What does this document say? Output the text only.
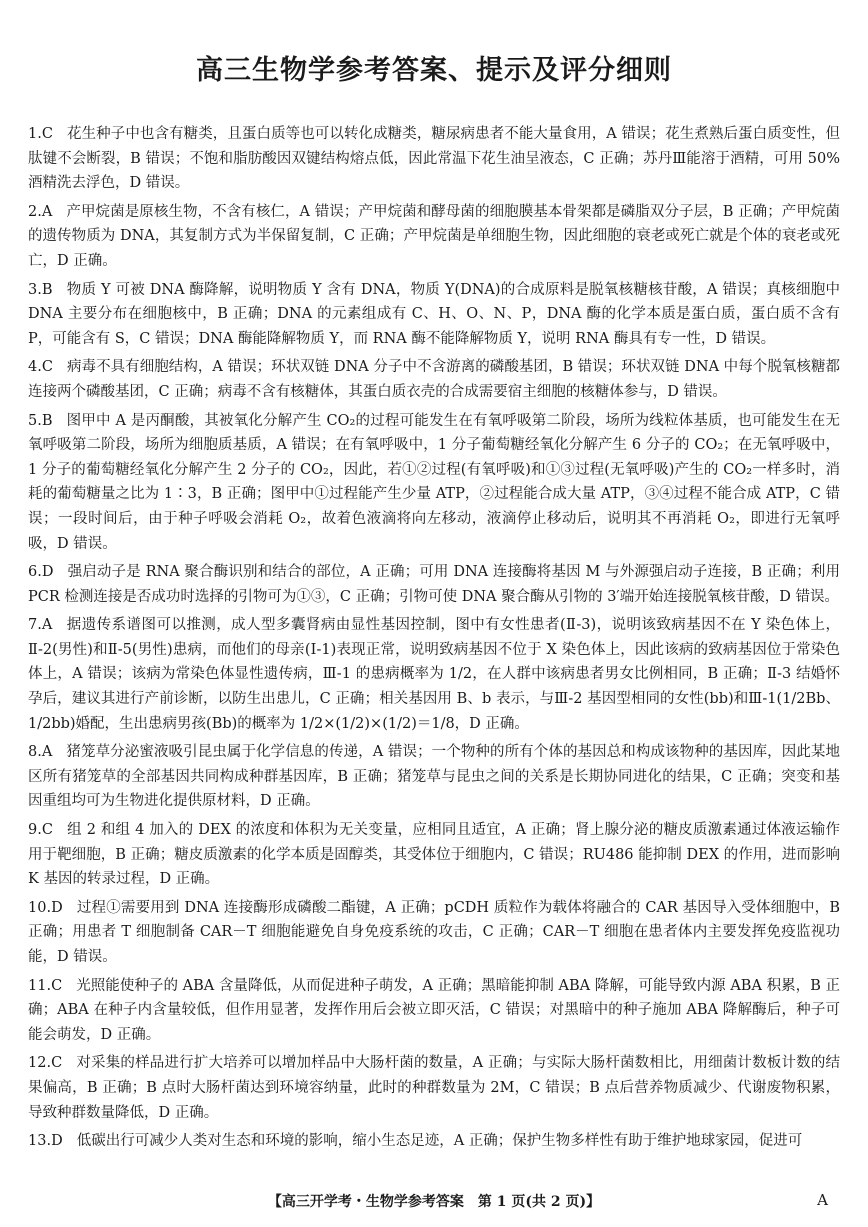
高三生物学参考答案、提示及评分细则
1.C 花生种子中也含有糖类，且蛋白质等也可以转化成糖类，糖尿病患者不能大量食用，A 错误；花生煮熟后蛋白质变性，但肽键不会断裂，B 错误；不饱和脂肪酸因双键结构熔点低，因此常温下花生油呈液态，C 正确；苏丹Ⅲ能溶于酒精，可用 50%酒精洗去浮色，D 错误。
2.A 产甲烷菌是原核生物，不含有核仁，A 错误；产甲烷菌和酵母菌的细胞膜基本骨架都是磷脂双分子层，B 正确；产甲烷菌的遗传物质为 DNA，其复制方式为半保留复制，C 正确；产甲烷菌是单细胞生物，因此细胞的衰老或死亡就是个体的衰老或死亡，D 正确。
3.B 物质 Y 可被 DNA 酶降解，说明物质 Y 含有 DNA，物质 Y(DNA)的合成原料是脱氧核糖核苷酸，A 错误；真核细胞中 DNA 主要分布在细胞核中，B 正确；DNA 的元素组成有 C、H、O、N、P，DNA 酶的化学本质是蛋白质，蛋白质不含有 P，可能含有 S，C 错误；DNA 酶能降解物质 Y，而 RNA 酶不能降解物质 Y，说明 RNA 酶具有专一性，D 错误。
4.C 病毒不具有细胞结构，A 错误；环状双链 DNA 分子中不含游离的磷酸基团，B 错误；环状双链 DNA 中每个脱氧核糖都连接两个磷酸基团，C 正确；病毒不含有核糖体，其蛋白质衣壳的合成需要宿主细胞的核糖体参与，D 错误。
5.B 图甲中 A 是丙酮酸，其被氧化分解产生 CO₂的过程可能发生在有氧呼吸第二阶段，场所为线粒体基质，也可能发生在无氧呼吸第二阶段，场所为细胞质基质，A 错误；在有氧呼吸中，1 分子葡萄糖经氧化分解产生 6 分子的 CO₂；在无氧呼吸中，1 分子的葡萄糖经氧化分解产生 2 分子的 CO₂，因此，若①②过程(有氧呼吸)和①③过程(无氧呼吸)产生的 CO₂一样多时，消耗的葡萄糖量之比为 1∶3，B 正确；图甲中①过程能产生少量 ATP，②过程能合成大量 ATP，③④过程不能合成 ATP，C 错误；一段时间后，由于种子呼吸会消耗 O₂，故着色液滴将向左移动，液滴停止移动后，说明其不再消耗 O₂，即进行无氧呼吸，D 错误。
6.D 强启动子是 RNA 聚合酶识别和结合的部位，A 正确；可用 DNA 连接酶将基因 M 与外源强启动子连接，B 正确；利用 PCR 检测连接是否成功时选择的引物可为①③，C 正确；引物可使 DNA 聚合酶从引物的 3′端开始连接脱氧核苷酸，D 错误。
7.A 据遗传系谱图可以推测，成人型多囊肾病由显性基因控制，图中有女性患者(Ⅱ-3)，说明该致病基因不在 Y 染色体上，Ⅱ-2(男性)和Ⅱ-5(男性)患病，而他们的母亲(Ⅰ-1)表现正常，说明致病基因不位于 X 染色体上，因此该病的致病基因位于常染色体上，A 错误；该病为常染色体显性遗传病，Ⅲ-1 的患病概率为 1/2，在人群中该病患者男女比例相同，B 正确；Ⅱ-3 结婚怀孕后，建议其进行产前诊断，以防生出患儿，C 正确；相关基因用 B、b 表示，与Ⅲ-2 基因型相同的女性(bb)和Ⅲ-1(1/2Bb、1/2bb)婚配，生出患病男孩(Bb)的概率为 1/2×(1/2)×(1/2)＝1/8，D 正确。
8.A 猪笼草分泌蜜液吸引昆虫属于化学信息的传递，A 错误；一个物种的所有个体的基因总和构成该物种的基因库，因此某地区所有猪笼草的全部基因共同构成种群基因库，B 正确；猪笼草与昆虫之间的关系是长期协同进化的结果，C 正确；突变和基因重组均可为生物进化提供原材料，D 正确。
9.C 组 2 和组 4 加入的 DEX 的浓度和体积为无关变量，应相同且适宜，A 正确；肾上腺分泌的糖皮质激素通过体液运输作用于靶细胞，B 正确；糖皮质激素的化学本质是固醇类，其受体位于细胞内，C 错误；RU486 能抑制 DEX 的作用，进而影响 K 基因的转录过程，D 正确。
10.D 过程①需要用到 DNA 连接酶形成磷酸二酯键，A 正确；pCDH 质粒作为载体将融合的 CAR 基因导入受体细胞中，B 正确；用患者 T 细胞制备 CAR－T 细胞能避免自身免疫系统的攻击，C 正确；CAR－T 细胞在患者体内主要发挥免疫监视功能，D 错误。
11.C 光照能使种子的 ABA 含量降低，从而促进种子萌发，A 正确；黑暗能抑制 ABA 降解，可能导致内源 ABA 积累，B 正确；ABA 在种子内含量较低，但作用显著，发挥作用后会被立即灭活，C 错误；对黑暗中的种子施加 ABA 降解酶后，种子可能会萌发，D 正确。
12.C 对采集的样品进行扩大培养可以增加样品中大肠杆菌的数量，A 正确；与实际大肠杆菌数相比，用细菌计数板计数的结果偏高，B 正确；B 点时大肠杆菌达到环境容纳量，此时的种群数量为 2M，C 错误；B 点后营养物质减少、代谢废物积累，导致种群数量降低，D 正确。
13.D 低碳出行可减少人类对生态和环境的影响，缩小生态足迹，A 正确；保护生物多样性有助于维护地球家园，促进可
【高三开学考・生物学参考答案　第 1 页(共 2 页)】	A
